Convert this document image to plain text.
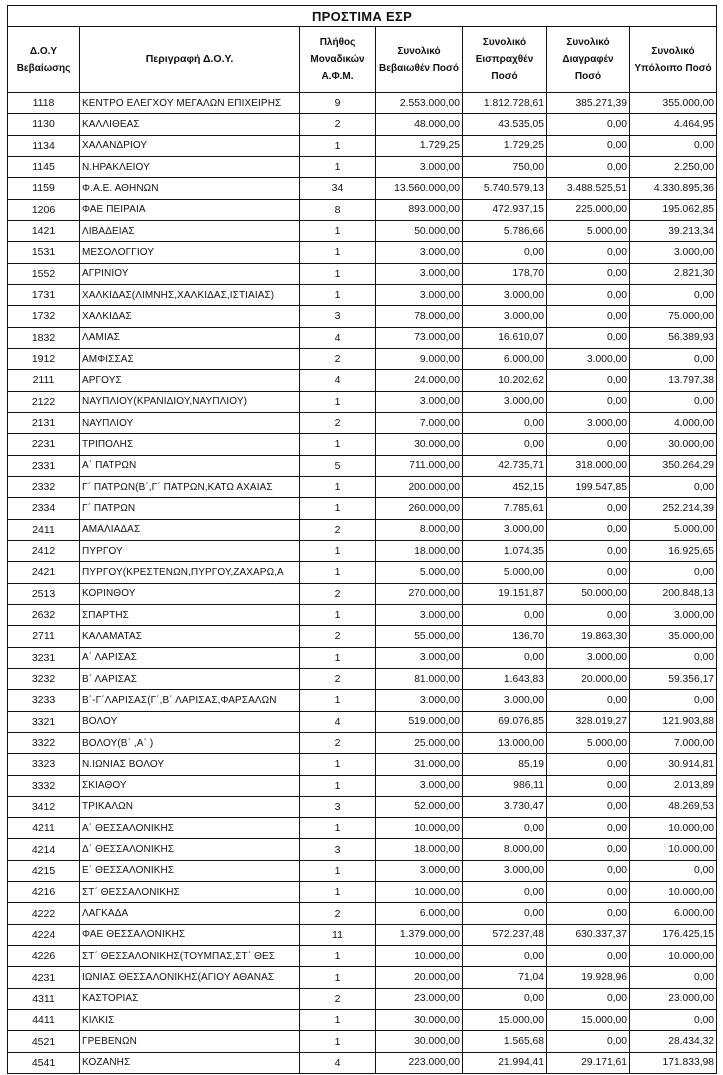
ΠΡΟΣΤΙΜΑ ΕΣΡ						
Δ.Ο.Υ Βεβαίωσης	Περιγραφή Δ.Ο.Υ.	Πλήθος Μοναδικών Α.Φ.Μ.	Συνολικό Βεβαιωθέν Ποσό	Συνολικό Εισπραχθέν Ποσό	Συνολικό Διαγραφέν Ποσό	Συνολικό Υπόλοιπο Ποσό
1118	ΚΕΝΤΡΟ ΕΛΕΓΧΟΥ ΜΕΓΑΛΩΝ ΕΠΙΧΕΙΡΗΣ	9	2.553.000,00	1.812.728,61	385.271,39	355.000,00
1130	ΚΑΛΛΙΘΕΑΣ	2	48.000,00	43.535,05	0,00	4.464,95
1134	ΧΑΛΑΝΔΡΙΟΥ	1	1.729,25	1.729,25	0,00	0,00
1145	Ν.ΗΡΑΚΛΕΙΟΥ	1	3.000,00	750,00	0,00	2.250,00
1159	Φ.Α.Ε. ΑΘΗΝΩΝ	34	13.560.000,00	5.740.579,13	3.488.525,51	4.330.895,36
1206	ΦΑΕ ΠΕΙΡΑΙΑ	8	893.000,00	472.937,15	225.000,00	195.062,85
1421	ΛΙΒΑΔΕΙΑΣ	1	50.000,00	5.786,66	5.000,00	39.213,34
1531	ΜΕΣΟΛΟΓΓΙΟΥ	1	3.000,00	0,00	0,00	3.000,00
1552	ΑΓΡΙΝΙΟΥ	1	3.000,00	178,70	0,00	2.821,30
1731	ΧΑΛΚΙΔΑΣ(ΛΙΜΝΗΣ,ΧΑΛΚΙΔΑΣ,ΙΣΤΙΑΙΑΣ)	1	3.000,00	3.000,00	0,00	0,00
1732	ΧΑΛΚΙΔΑΣ	3	78.000,00	3.000,00	0,00	75.000,00
1832	ΛΑΜΙΑΣ	4	73.000,00	16.610,07	0,00	56.389,93
1912	ΑΜΦΙΣΣΑΣ	2	9.000,00	6.000,00	3.000,00	0,00
2111	ΑΡΓΟΥΣ	4	24.000,00	10.202,62	0,00	13.797,38
2122	ΝΑΥΠΛΙΟΥ(ΚΡΑΝΙΔΙΟΥ,ΝΑΥΠΛΙΟΥ)	1	3.000,00	3.000,00	0,00	0,00
2131	ΝΑΥΠΛΙΟΥ	2	7.000,00	0,00	3.000,00	4.000,00
2231	ΤΡΙΠΟΛΗΣ	1	30.000,00	0,00	0,00	30.000,00
2331	Α΄ ΠΑΤΡΩΝ	5	711.000,00	42.735,71	318.000,00	350.264,29
2332	Γ΄ ΠΑΤΡΩΝ(Β΄,Γ΄ ΠΑΤΡΩΝ,ΚΑΤΩ ΑΧΑΙΑΣ	1	200.000,00	452,15	199.547,85	0,00
2334	Γ΄ ΠΑΤΡΩΝ	1	260.000,00	7.785,61	0,00	252.214,39
2411	ΑΜΑΛΙΑΔΑΣ	2	8.000,00	3.000,00	0,00	5.000,00
2412	ΠΥΡΓΟΥ	1	18.000,00	1.074,35	0,00	16.925,65
2421	ΠΥΡΓΟΥ(ΚΡΕΣΤΕΝΩΝ,ΠΥΡΓΟΥ,ΖΑΧΑΡΩ,Α	1	5.000,00	5.000,00	0,00	0,00
2513	ΚΟΡΙΝΘΟΥ	2	270.000,00	19.151,87	50.000,00	200.848,13
2632	ΣΠΑΡΤΗΣ	1	3.000,00	0,00	0,00	3.000,00
2711	ΚΑΛΑΜΑΤΑΣ	2	55.000,00	136,70	19.863,30	35.000,00
3231	Α΄ ΛΑΡΙΣΑΣ	1	3.000,00	0,00	3.000,00	0,00
3232	Β΄ ΛΑΡΙΣΑΣ	2	81.000,00	1.643,83	20.000,00	59.356,17
3233	Β΄-Γ΄ΛΑΡΙΣΑΣ(Γ΄,Β΄ ΛΑΡΙΣΑΣ,ΦΑΡΣΑΛΩΝ	1	3.000,00	3.000,00	0,00	0,00
3321	ΒΟΛΟΥ	4	519.000,00	69.076,85	328.019,27	121.903,88
3322	ΒΟΛΟΥ(Β΄ ,Α΄ )	2	25.000,00	13.000,00	5.000,00	7.000,00
3323	Ν.ΙΩΝΙΑΣ ΒΟΛΟΥ	1	31.000,00	85,19	0,00	30.914,81
3332	ΣΚΙΑΘΟΥ	1	3.000,00	986,11	0,00	2.013,89
3412	ΤΡΙΚΑΛΩΝ	3	52.000,00	3.730,47	0,00	48.269,53
4211	Α΄ ΘΕΣΣΑΛΟΝΙΚΗΣ	1	10.000,00	0,00	0,00	10.000,00
4214	Δ΄ ΘΕΣΣΑΛΟΝΙΚΗΣ	3	18.000,00	8.000,00	0,00	10.000,00
4215	Ε΄ ΘΕΣΣΑΛΟΝΙΚΗΣ	1	3.000,00	3.000,00	0,00	0,00
4216	ΣΤ΄ ΘΕΣΣΑΛΟΝΙΚΗΣ	1	10.000,00	0,00	0,00	10.000,00
4222	ΛΑΓΚΑΔΑ	2	6.000,00	0,00	0,00	6.000,00
4224	ΦΑΕ ΘΕΣΣΑΛΟΝΙΚΗΣ	11	1.379.000,00	572.237,48	630.337,37	176.425,15
4226	ΣΤ΄ ΘΕΣΣΑΛΟΝΙΚΗΣ(ΤΟΥΜΠΑΣ,ΣΤ΄ ΘΕΣ	1	10.000,00	0,00	0,00	10.000,00
4231	ΙΩΝΙΑΣ ΘΕΣΣΑΛΟΝΙΚΗΣ(ΑΓΙΟΥ ΑΘΑΝΑΣ	1	20.000,00	71,04	19.928,96	0,00
4311	ΚΑΣΤΟΡΙΑΣ	2	23.000,00	0,00	0,00	23.000,00
4411	ΚΙΛΚΙΣ	1	30.000,00	15.000,00	15.000,00	0,00
4521	ΓΡΕΒΕΝΩΝ	1	30.000,00	1.565,68	0,00	28.434,32
4541	ΚΟΖΑΝΗΣ	4	223.000,00	21.994,41	29.171,61	171.833,98
